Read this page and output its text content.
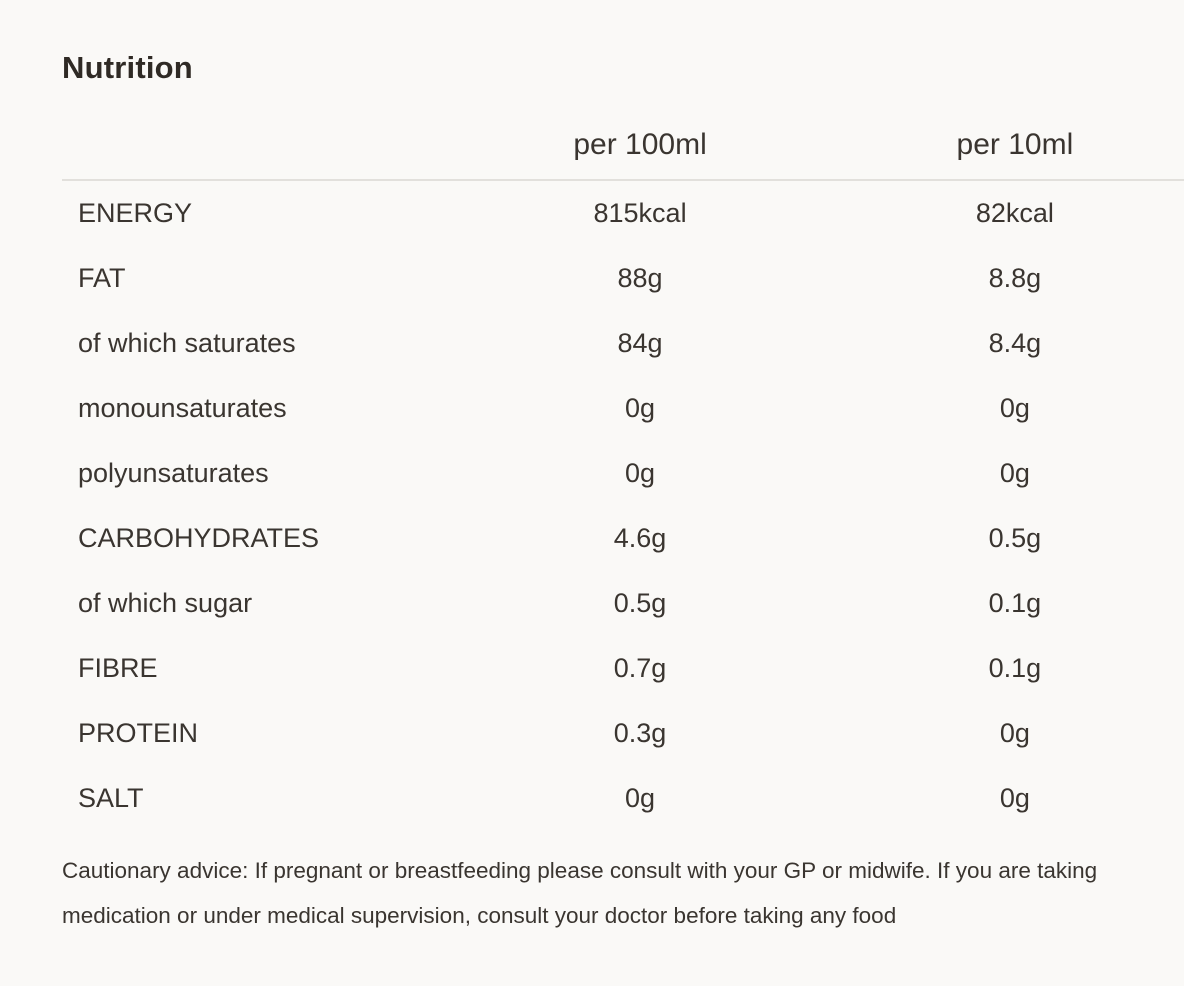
Nutrition
	per 100ml	per 10ml
ENERGY	815kcal	82kcal
FAT	88g	8.8g
of which saturates	84g	8.4g
monounsaturates	0g	0g
polyunsaturates	0g	0g
CARBOHYDRATES	4.6g	0.5g
of which sugar	0.5g	0.1g
FIBRE	0.7g	0.1g
PROTEIN	0.3g	0g
SALT	0g	0g

Cautionary advice: If pregnant or breastfeeding please consult with your GP or midwife. If you are taking medication or under medical supervision, consult your doctor before taking any food
